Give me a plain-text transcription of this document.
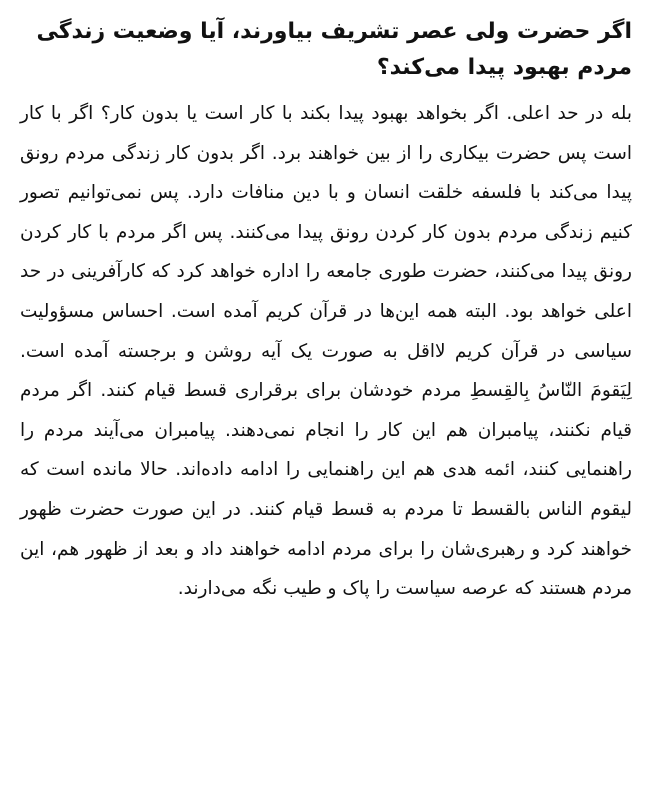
اگر حضرت ولی عصر تشریف بیاورند، آیا وضعیت زندگی مردم بهبود پیدا می‌کند؟

بله در حد اعلی. اگر بخواهد بهبود پیدا بکند با کار است یا بدون کار؟ اگر با کار است پس حضرت بیکاری را از بین خواهند برد. اگر بدون کار زندگی مردم رونق پیدا می‌کند با فلسفه خلقت انسان و با دین منافات دارد. پس نمی‌توانیم تصور کنیم زندگی مردم بدون کار کردن رونق پیدا می‌کنند. پس اگر مردم با کار کردن رونق پیدا می‌کنند، حضرت طوری جامعه را اداره خواهد کرد که کارآفرینی در حد اعلی خواهد بود. البته همه این‌ها در قرآن کریم آمده است. احساس مسؤولیت سیاسی در قرآن کریم لااقل به صورت یک آیه روشن و برجسته آمده است. لِیَقومَ النّاسُ بِالقِسطِ مردم خودشان برای برقراری قسط قیام کنند. اگر مردم قیام نکنند، پیامبران هم این کار را انجام نمی‌دهند. پیامبران می‌آیند مردم را راهنمایی کنند، ائمه هدی هم این راهنمایی را ادامه داده‌اند. حالا مانده است که لیقوم الناس بالقسط تا مردم به قسط قیام کنند. در این صورت حضرت ظهور خواهند کرد و رهبری‌شان را برای مردم ادامه خواهند داد و بعد از ظهور هم، این مردم هستند که عرصه سیاست را پاک و طیب نگه می‌دارند.
